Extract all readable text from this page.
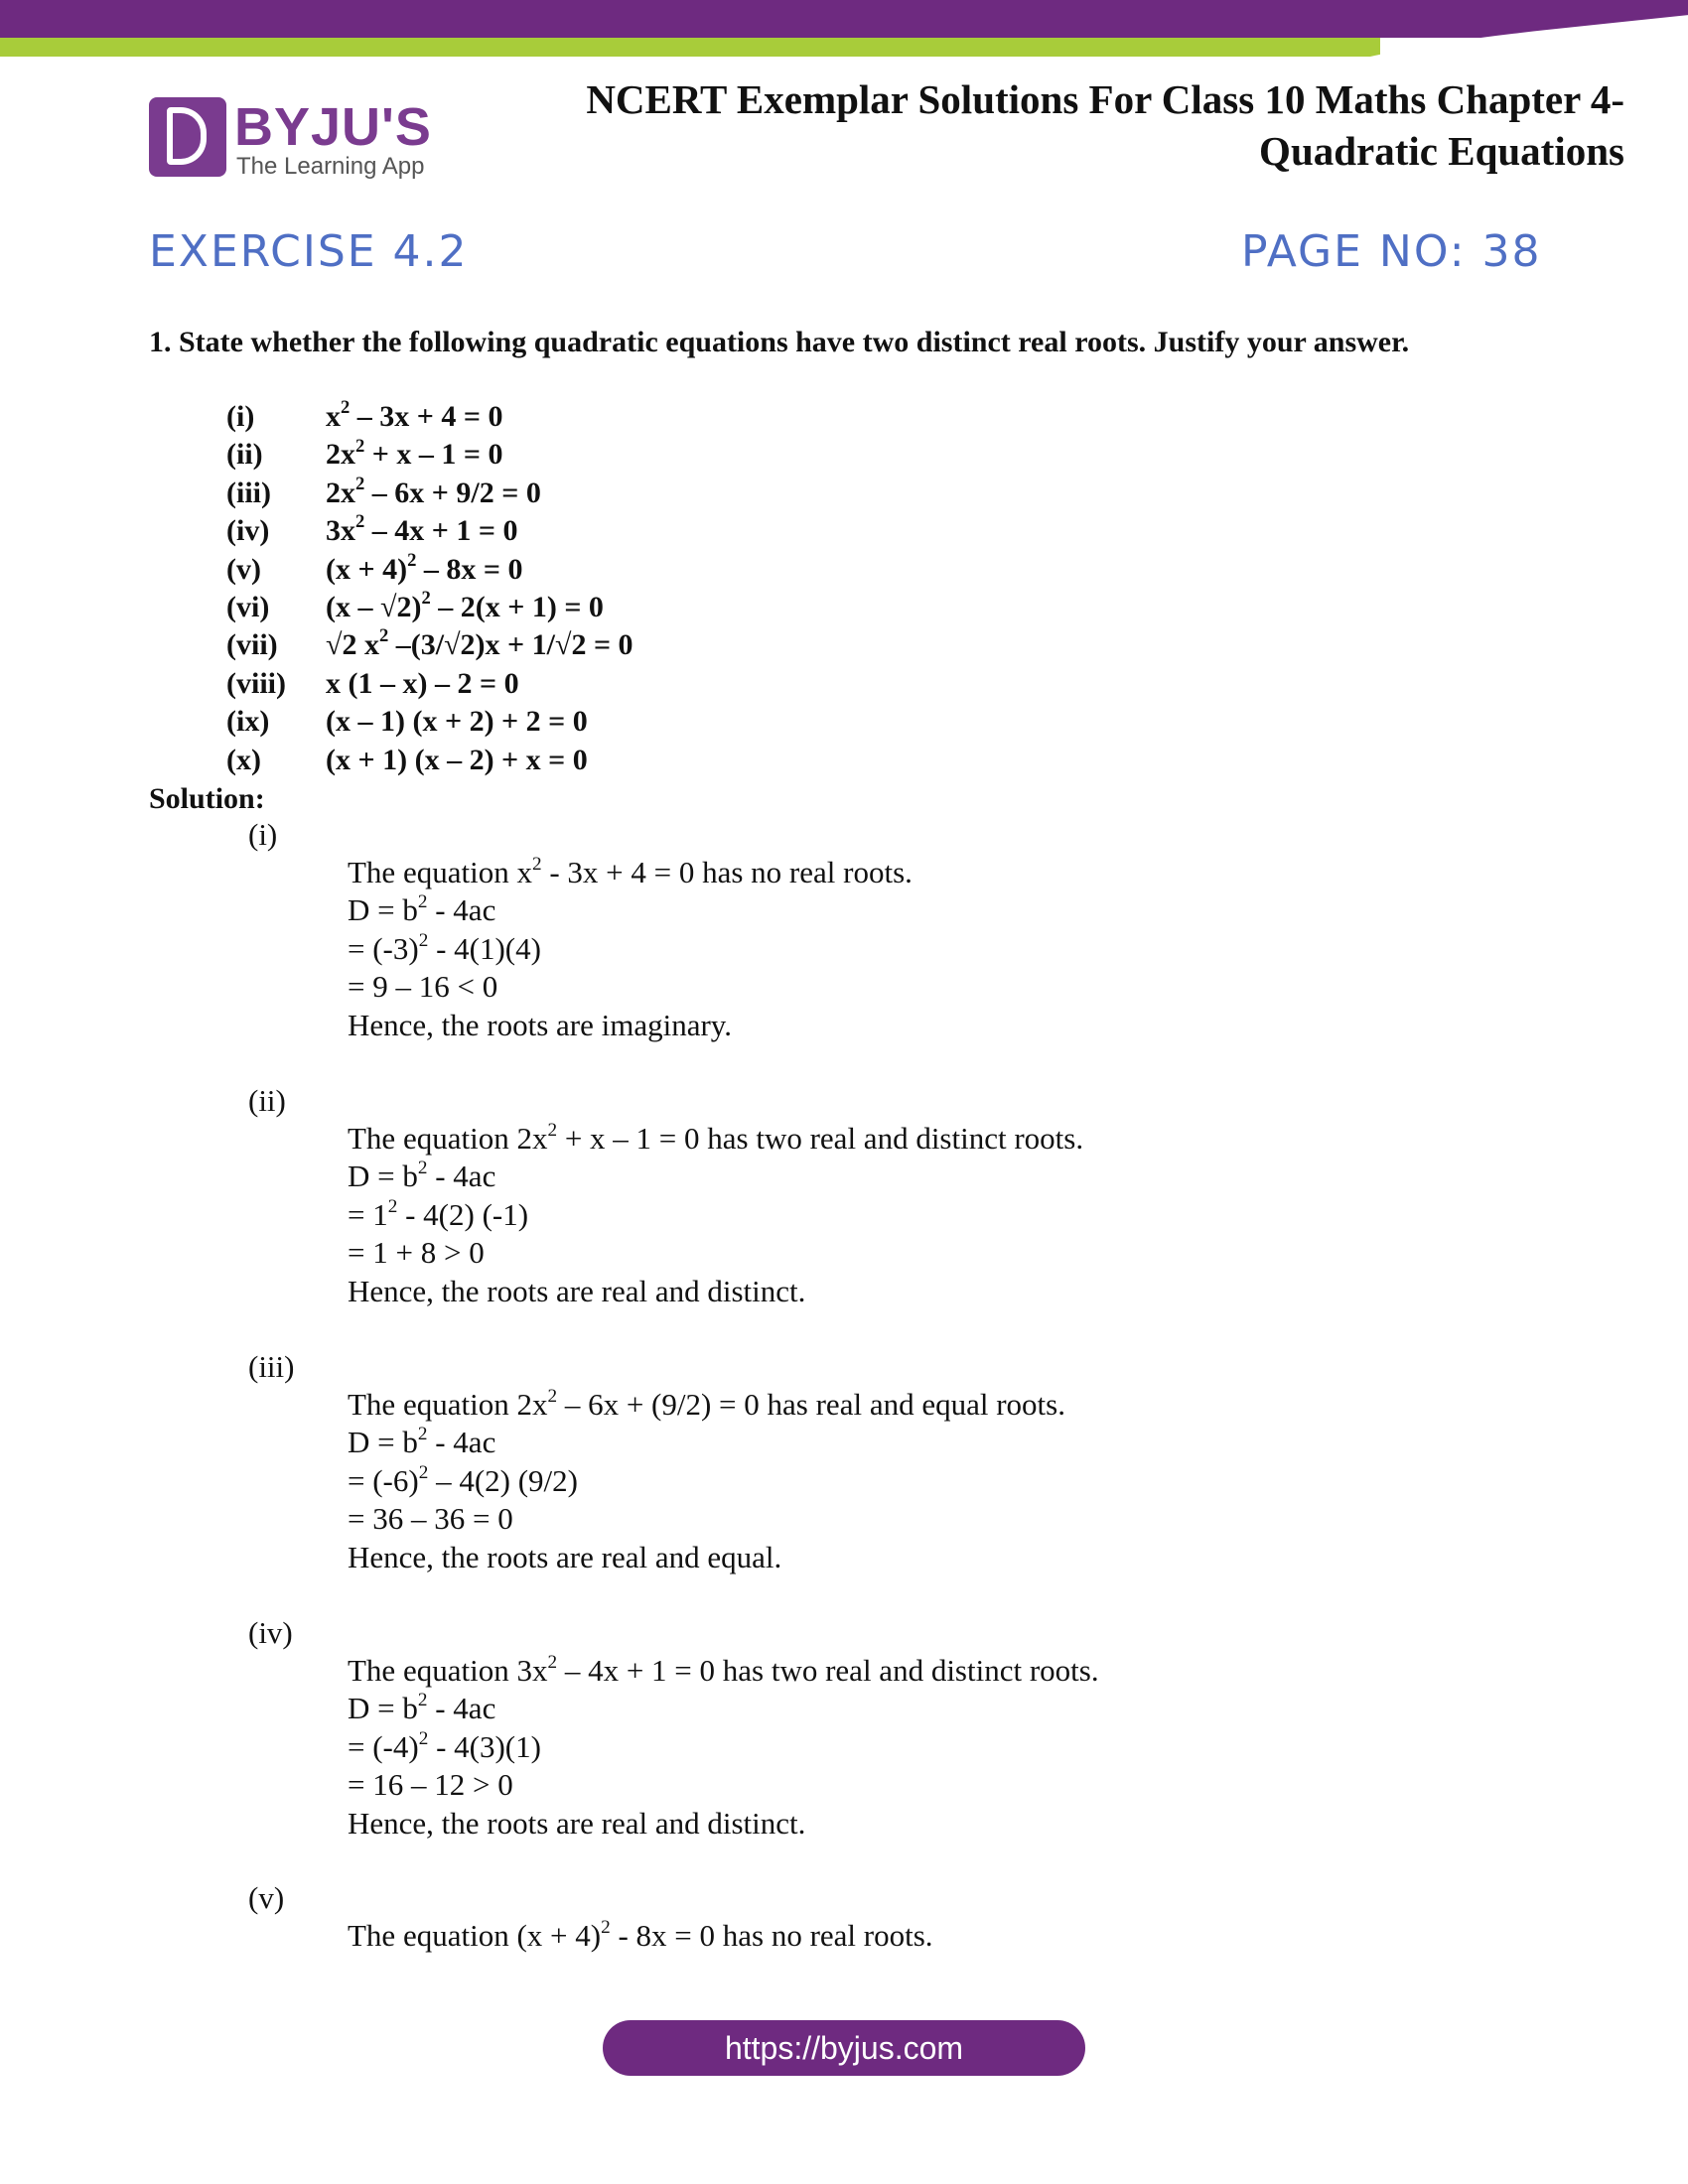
BYJU'S
The Learning App
NCERT Exemplar Solutions For Class 10 Maths Chapter 4-
Quadratic Equations
EXERCISE 4.2	PAGE NO: 38
1. State whether the following quadratic equations have two distinct real roots. Justify your answer.
(i)	$x^2 - 3x + 4 = 0$
(ii)	$2x^2 + x - 1 = 0$
(iii)	$2x^2 - 6x + 9/2 = 0$
(iv)	$3x^2 - 4x + 1 = 0$
(v)	$(x + 4)^2 - 8x = 0$
(vi)	(x – √2)$^2$ – 2(x + 1) = 0
(vii)	√2 $x^2$ –(3/√2)x + 1/√2 = 0
(viii)	x (1 – x) – 2 = 0
(ix)	(x – 1) (x + 2) + 2 = 0
(x)	(x + 1) (x – 2) + x = 0
Solution:
(i)
The equation $x^2 - 3x + 4 = 0$ has no real roots.
$D = b^2 - 4ac$
= $(-3)^2 - 4(1)(4)$
= 9 – 16 < 0
Hence, the roots are imaginary.
(ii)
The equation $2x^2 + x - 1 = 0$ has two real and distinct roots.
$D = b^2 - 4ac$
= $1^2 - 4(2)$ (-1)
= 1 + 8 > 0
Hence, the roots are real and distinct.
(iii)
The equation $2x^2 - 6x + (9/2) = 0$ has real and equal roots.
$D = b^2 - 4ac$
= $(-6)^2 - 4(2)$ (9/2)
= 36 – 36 = 0
Hence, the roots are real and equal.
(iv)
The equation $3x^2 - 4x + 1 = 0$ has two real and distinct roots.
$D = b^2 - 4ac$
= $(-4)^2 - 4(3)(1)$
= 16 – 12 > 0
Hence, the roots are real and distinct.
(v)
The equation $(x + 4)^2 - 8x = 0$ has no real roots.
https://byjus.com
